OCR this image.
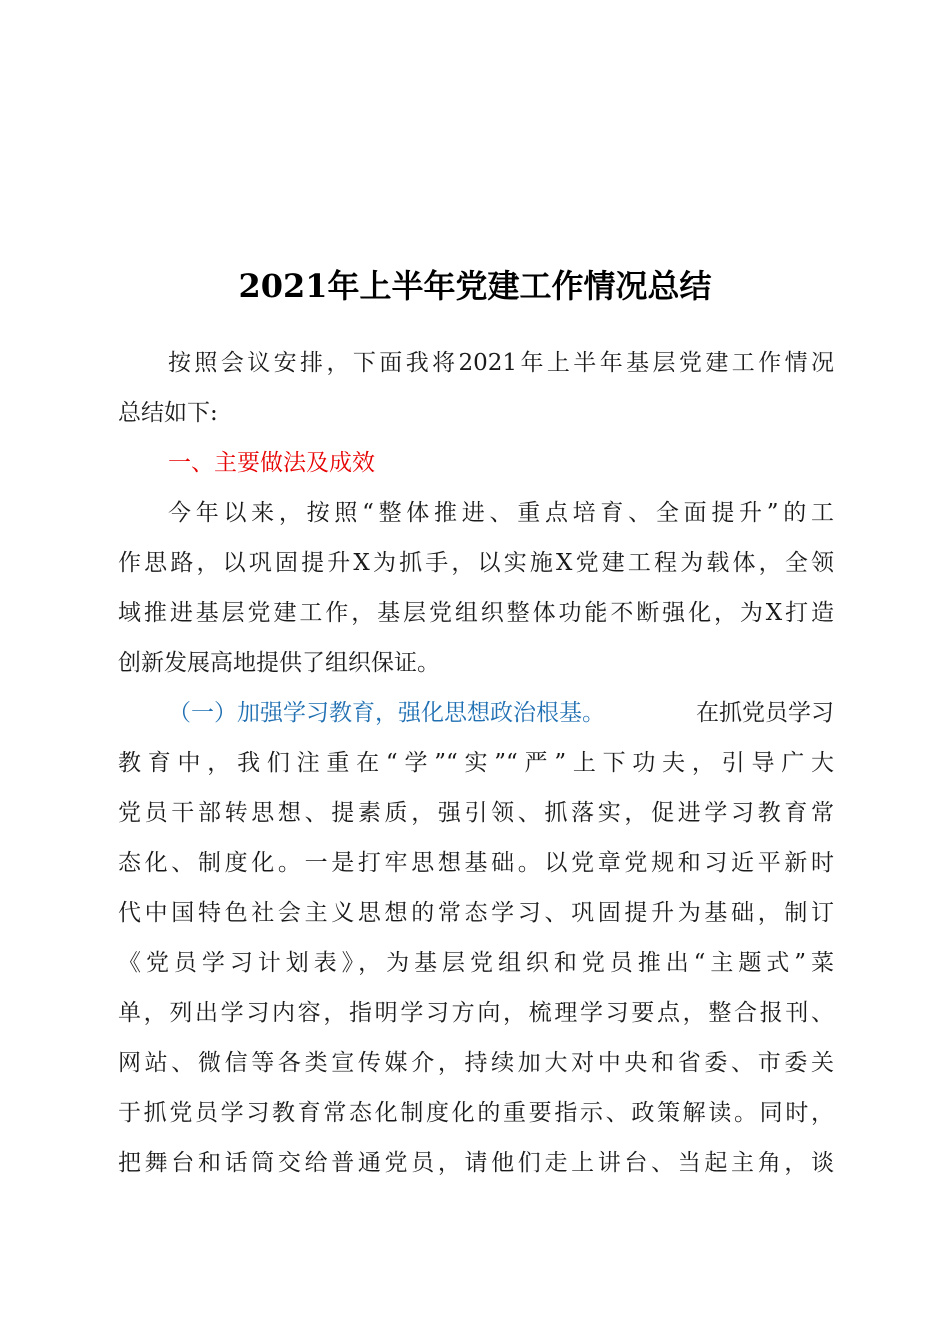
2021年上半年党建工作情况总结
按照会议安排，下面我将2021年上半年基层党建工作情况
总结如下:
一、主要做法及成效
今年以来，按照“整体推进、重点培育、全面提升”的工
作思路，以巩固提升X为抓手，以实施X党建工程为载体，全领
域推进基层党建工作，基层党组织整体功能不断强化，为X打造
创新发展高地提供了组织保证。
（一）加强学习教育，强化思想政治根基。	在抓党员学习
教育中，我们注重在“学”“实”“严”上下功夫，引导广大
党员干部转思想、提素质，强引领、抓落实，促进学习教育常
态化、制度化。一是打牢思想基础。以党章党规和习近平新时
代中国特色社会主义思想的常态学习、巩固提升为基础，制订
《党员学习计划表》，为基层党组织和党员推出“主题式”菜
单，列出学习内容，指明学习方向，梳理学习要点，整合报刊、
网站、微信等各类宣传媒介，持续加大对中央和省委、市委关
于抓党员学习教育常态化制度化的重要指示、政策解读。同时，
把舞台和话筒交给普通党员，请他们走上讲台、当起主角，谈
